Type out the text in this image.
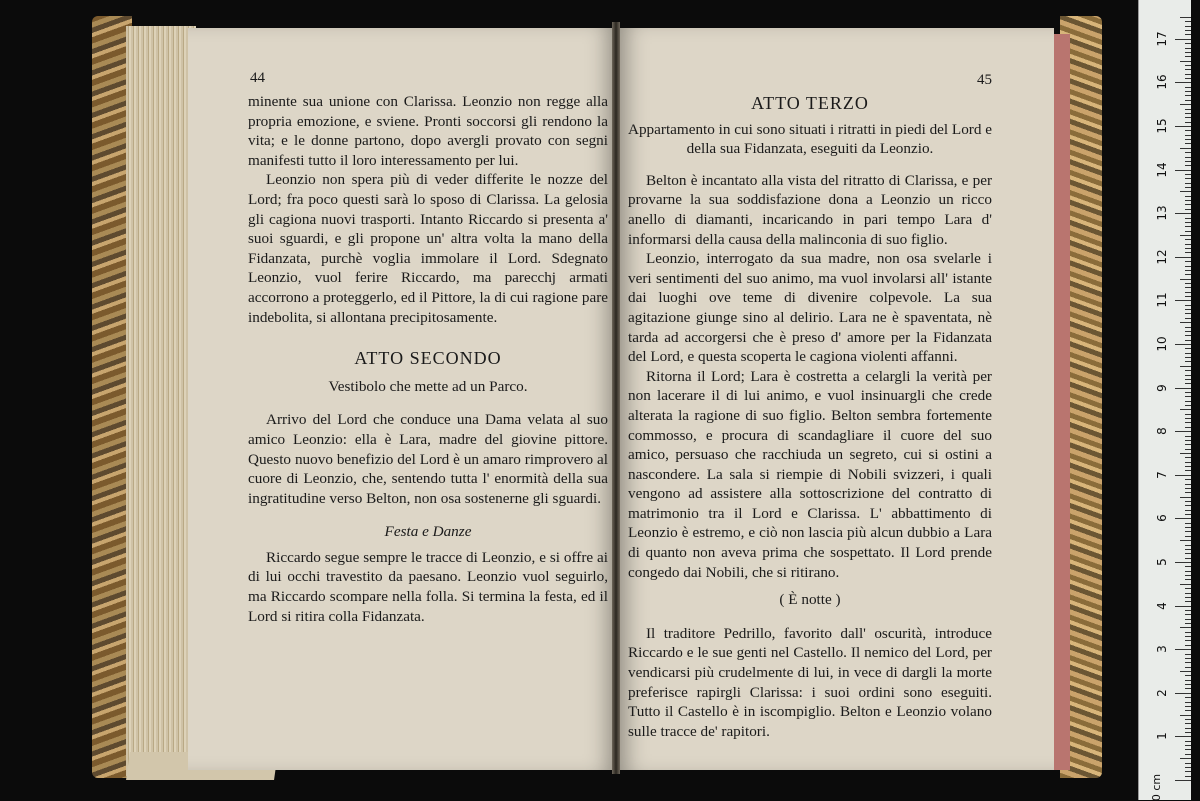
44

minente sua unione con Clarissa. Leonzio non regge alla propria emozione, e sviene. Pronti soccorsi gli rendono la vita; e le donne partono, dopo avergli provato con segni manifesti tutto il loro interessamento per lui.

Leonzio non spera più di veder differite le nozze del Lord; fra poco questi sarà lo sposo di Clarissa. La gelosia gli cagiona nuovi trasporti. Intanto Riccardo si presenta a' suoi sguardi, e gli propone un' altra volta la mano della Fidanzata, purchè voglia immolare il Lord. Sdegnato Leonzio, vuol ferire Riccardo, ma parecchj armati accorrono a proteggerlo, ed il Pittore, la di cui ragione pare indebolita, si allontana precipitosamente.

ATTO SECONDO

Vestibolo che mette ad un Parco.

Arrivo del Lord che conduce una Dama velata al suo amico Leonzio: ella è Lara, madre del giovine pittore. Questo nuovo benefizio del Lord è un amaro rimprovero al cuore di Leonzio, che, sentendo tutta l' enormità della sua ingratitudine verso Belton, non osa sostenerne gli sguardi.

Festa e Danze

Riccardo segue sempre le tracce di Leonzio, e si offre ai di lui occhi travestito da paesano. Leonzio vuol seguirlo, ma Riccardo scompare nella folla. Si termina la festa, ed il Lord si ritira colla Fidanzata.

45

ATTO TERZO

Appartamento in cui sono situati i ritratti in piedi del Lord e della sua Fidanzata, eseguiti da Leonzio.

Belton è incantato alla vista del ritratto di Clarissa, e per provarne la sua soddisfazione dona a Leonzio un ricco anello di diamanti, incaricando in pari tempo Lara d' informarsi della causa della malinconia di suo figlio.

Leonzio, interrogato da sua madre, non osa svelarle i veri sentimenti del suo animo, ma vuol involarsi all' istante dai luoghi ove teme di divenire colpevole. La sua agitazione giunge sino al delirio. Lara ne è spaventata, nè tarda ad accorgersi che è preso d' amore per la Fidanzata del Lord, e questa scoperta le cagiona violenti affanni.

Ritorna il Lord; Lara è costretta a celargli la verità per non lacerare il di lui animo, e vuol insinuargli che crede alterata la ragione di suo figlio. Belton sembra fortemente commosso, e procura di scandagliare il cuore del suo amico, persuaso che racchiuda un segreto, cui si ostini a nascondere. La sala si riempie di Nobili svizzeri, i quali vengono ad assistere alla sottoscrizione del contratto di matrimonio tra il Lord e Clarissa. L' abbattimento di Leonzio è estremo, e ciò non lascia più alcun dubbio a Lara di quanto non aveva prima che sospettato. Il Lord prende congedo dai Nobili, che si ritirano.

( È notte )

Il traditore Pedrillo, favorito dall' oscurità, introduce Riccardo e le sue genti nel Castello. Il nemico del Lord, per vendicarsi più crudelmente di lui, in vece di dargli la morte preferisce rapirgli Clarissa: i suoi ordini sono eseguiti. Tutto il Castello è in iscompiglio. Belton e Leonzio volano sulle tracce de' rapitori.

0 cm
1
2
3
4
5
6
7
8
9
10
11
12
13
14
15
16
17
